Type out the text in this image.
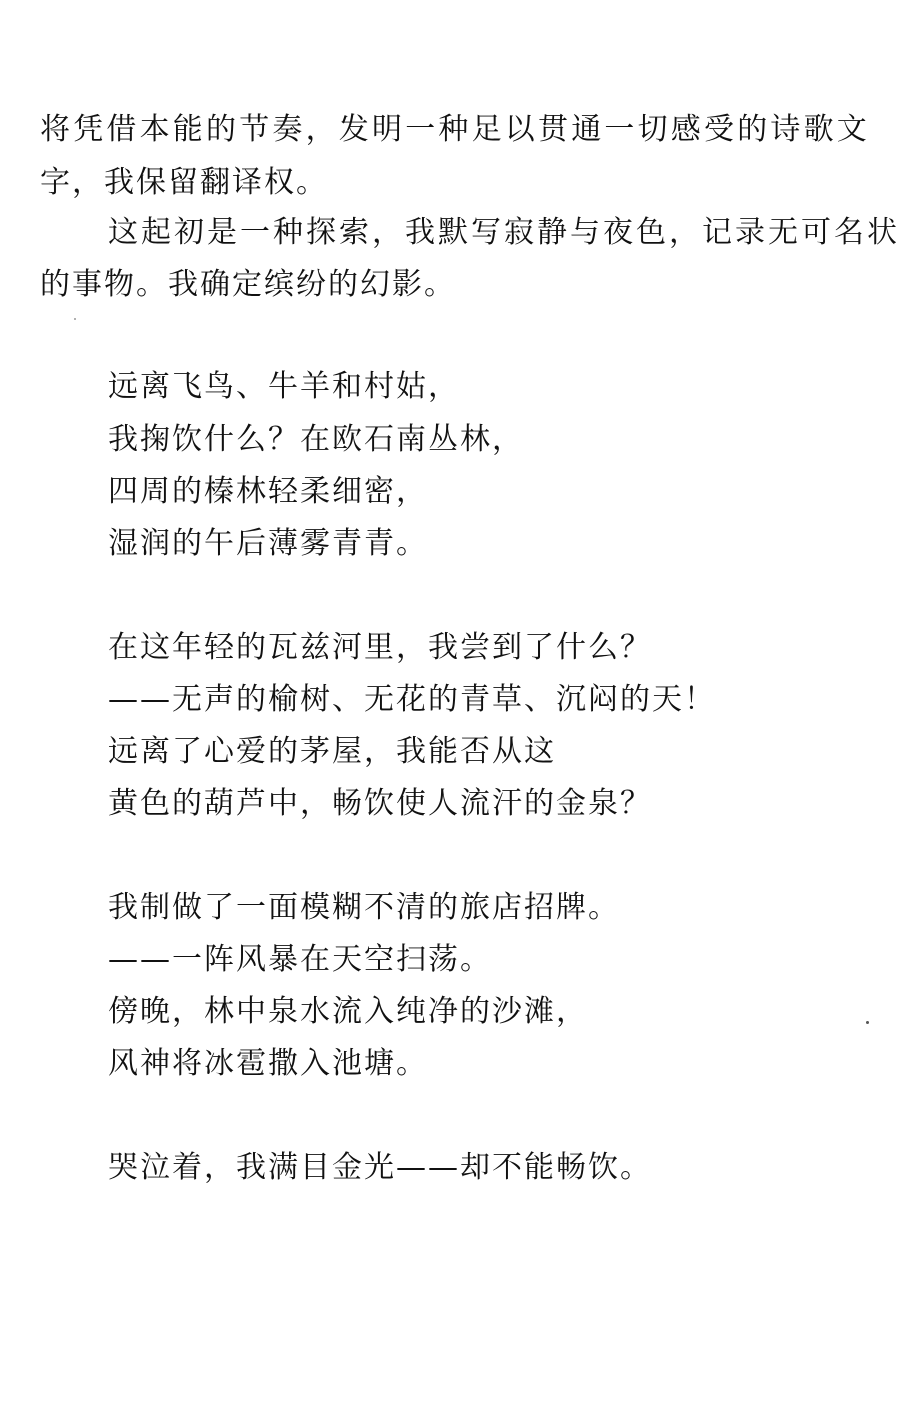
将凭借本能的节奏，发明一种足以贯通一切感受的诗歌文
字，我保留翻译权。
这起初是一种探索，我默写寂静与夜色，记录无可名状
的事物。我确定缤纷的幻影。
远离飞鸟、牛羊和村姑，
我掬饮什么？在欧石南丛林，
四周的榛林轻柔细密，
湿润的午后薄雾青青。
在这年轻的瓦兹河里，我尝到了什么？
——无声的榆树、无花的青草、沉闷的天！
远离了心爱的茅屋，我能否从这
黄色的葫芦中，畅饮使人流汗的金泉？
我制做了一面模糊不清的旅店招牌。
——一阵风暴在天空扫荡。
傍晚，林中泉水流入纯净的沙滩，
风神将冰雹撒入池塘。
哭泣着，我满目金光——却不能畅饮。
